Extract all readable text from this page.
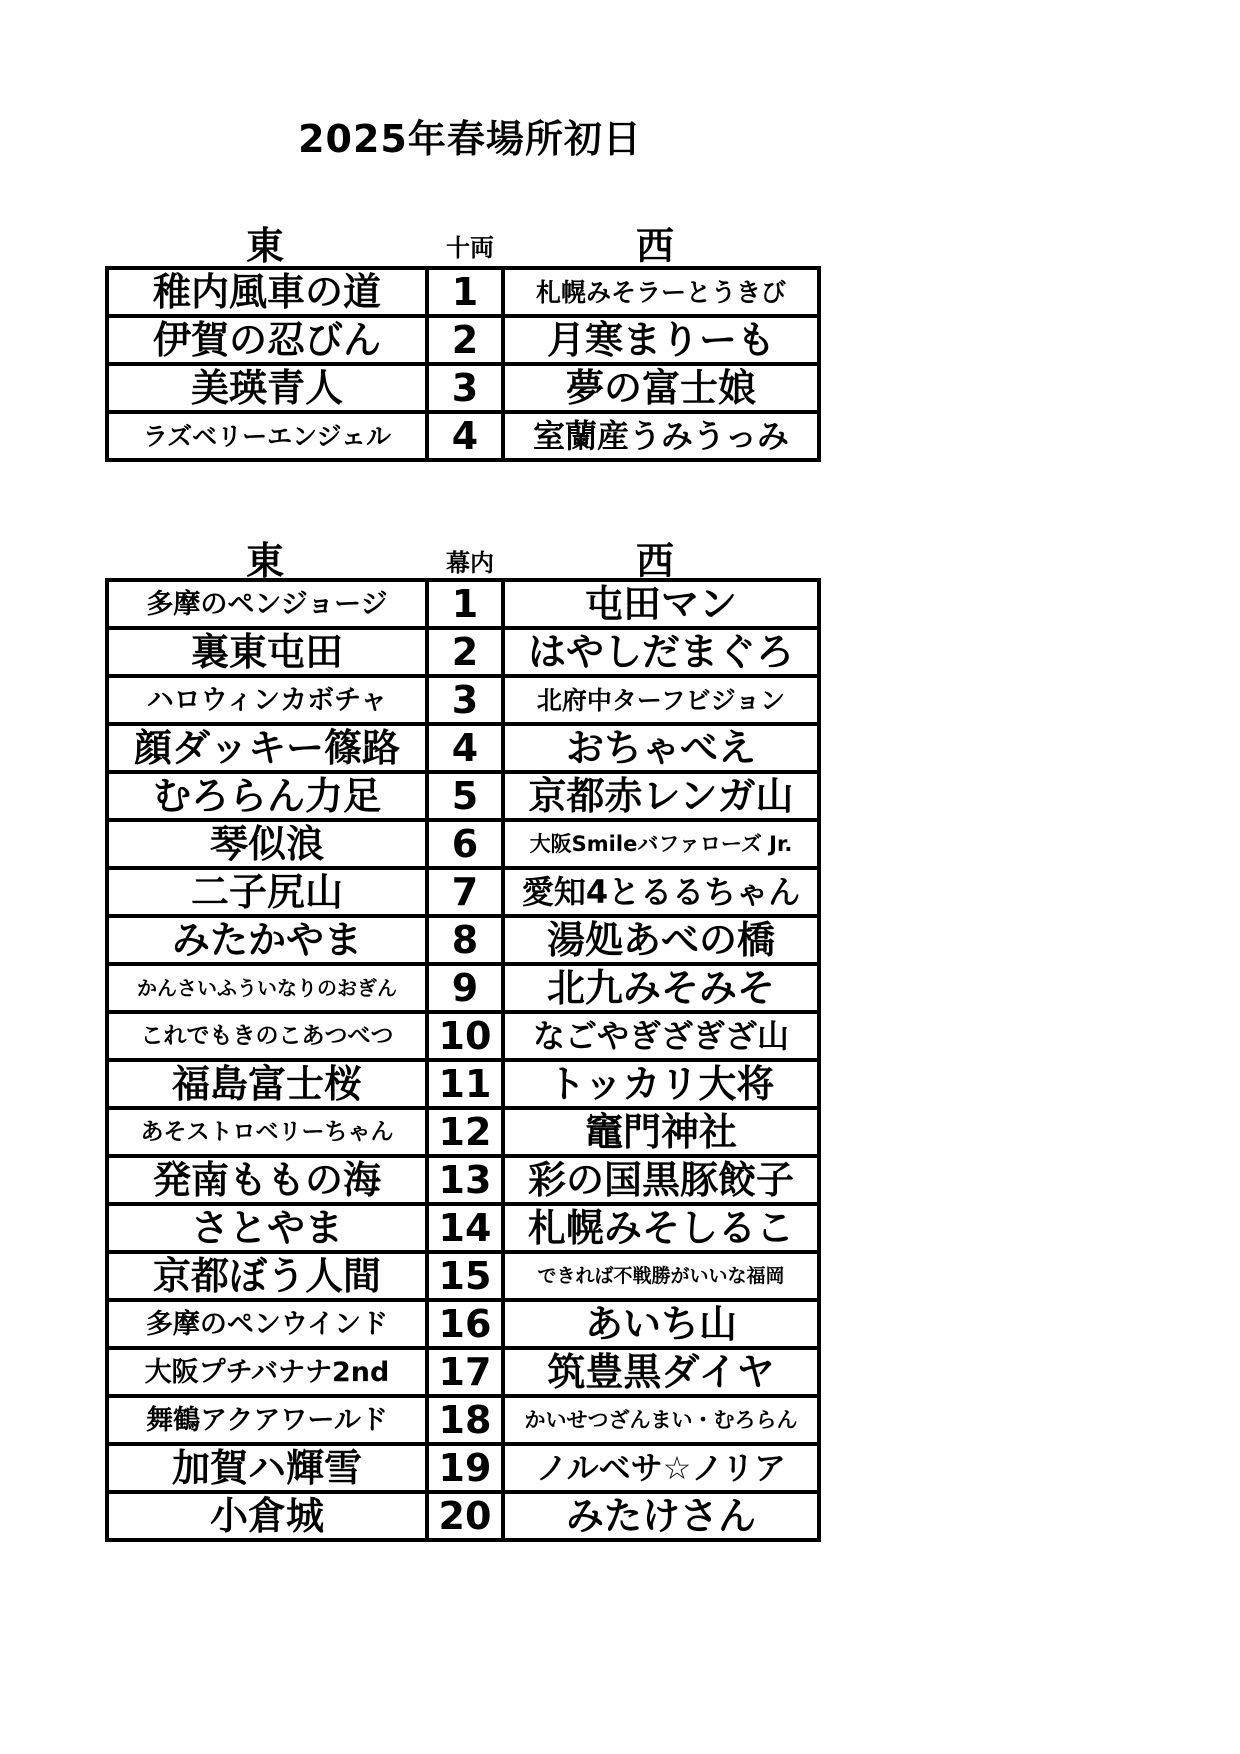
2025年春場所初日
東	十両	西
稚内風車の道	1	札幌みそラーとうきび
伊賀の忍びん	2	月寒まりーも
美瑛青人	3	夢の富士娘
ラズベリーエンジェル	4	室蘭産うみうっみ
東	幕内	西
多摩のペンジョージ	1	屯田マン
裏東屯田	2	はやしだまぐろ
ハロウィンカボチャ	3	北府中ターフビジョン
顔ダッキー篠路	4	おちゃべえ
むろらん力足	5	京都赤レンガ山
琴似浪	6	大阪Smileバファローズ Jr.
二子尻山	7	愛知4とるるちゃん
みたかやま	8	湯処あべの橋
かんさいふういなりのおぎん	9	北九みそみそ
これでもきのこあつべつ	10	なごやぎざぎざ山
福島富士桜	11	トッカリ大将
あそストロベリーちゃん	12	竈門神社
発南ももの海	13	彩の国黒豚餃子
さとやま	14	札幌みそしるこ
京都ぼう人間	15	できれば不戦勝がいいな福岡
多摩のペンウインド	16	あいち山
大阪プチバナナ2nd	17	筑豊黒ダイヤ
舞鶴アクアワールド	18	かいせつざんまい・むろらん
加賀ハ輝雪	19	ノルベサ☆ノリア
小倉城	20	みたけさん
